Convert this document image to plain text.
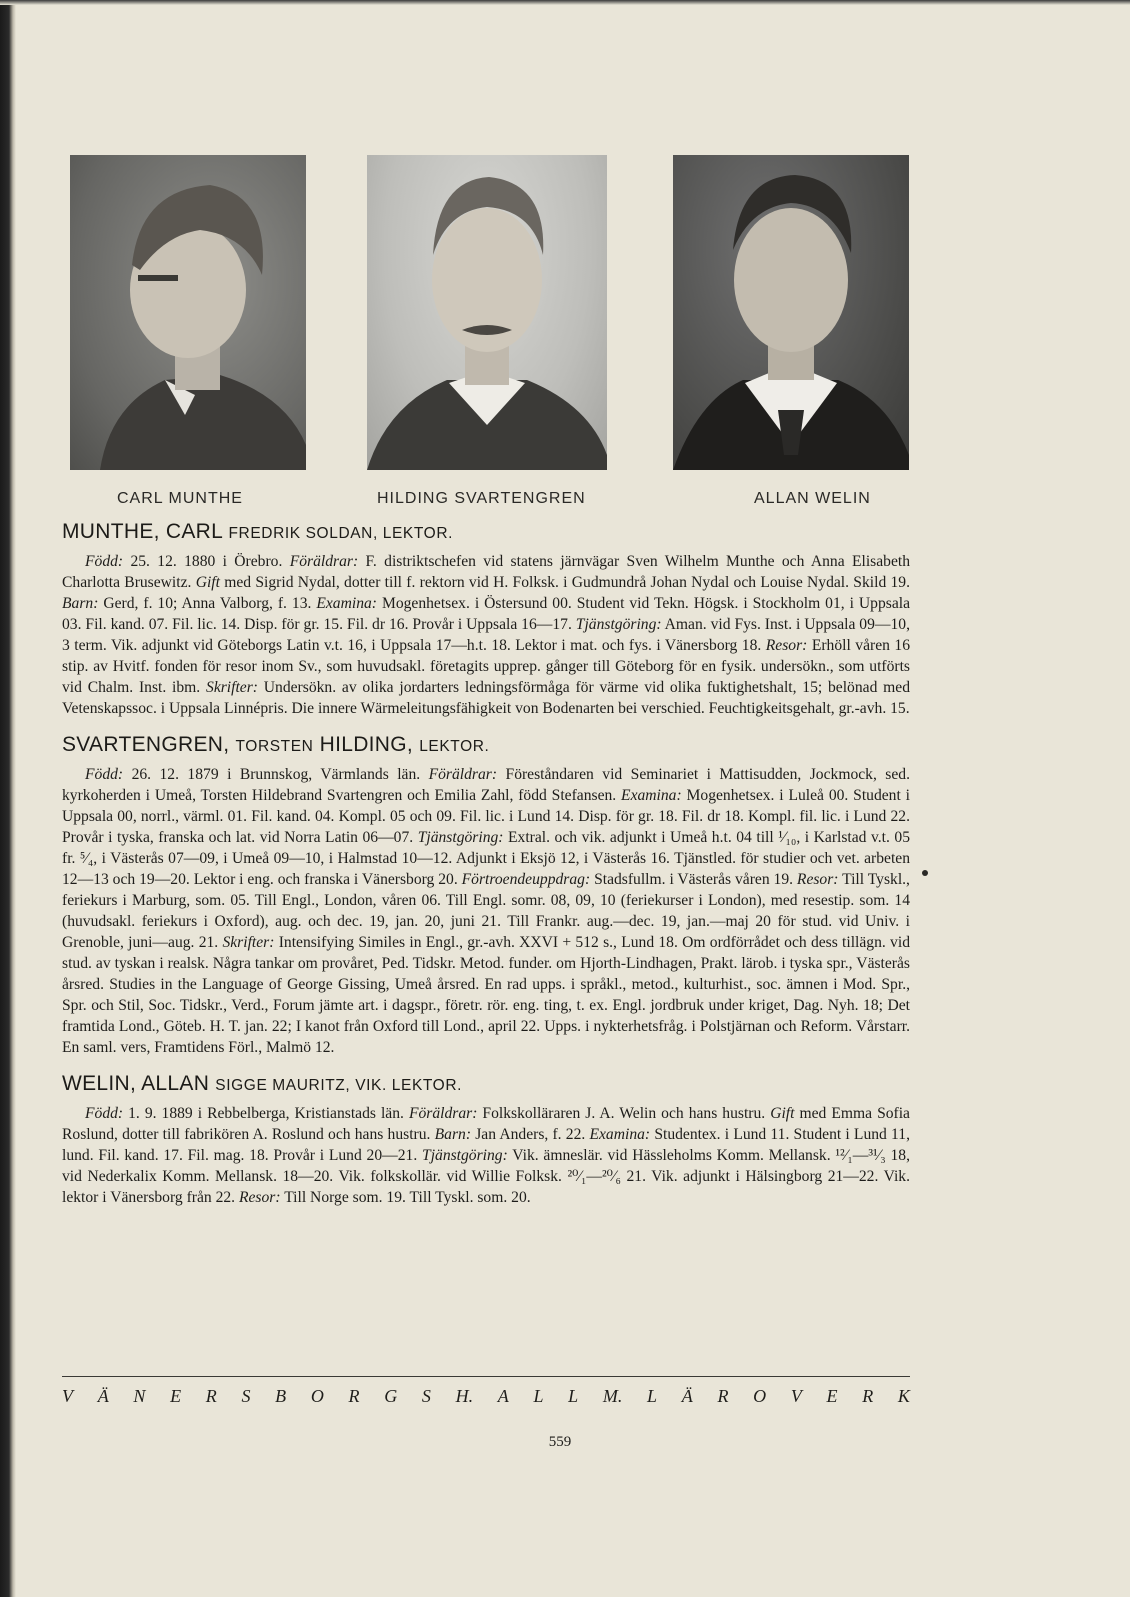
CARL MUNTHE	HILDING SVARTENGREN	ALLAN WELIN
MUNTHE, CARL FREDRIK SOLDAN, LEKTOR.

Född: 25. 12. 1880 i Örebro. Föräldrar: F. distriktschefen vid statens järnvägar Sven Wilhelm Munthe och Anna Elisabeth Charlotta Brusewitz. Gift med Sigrid Nydal, dotter till f. rektorn vid H. Folksk. i Gudmundrå Johan Nydal och Louise Nydal. Skild 19. Barn: Gerd, f. 10; Anna Valborg, f. 13. Examina: Mogenhetsex. i Östersund 00. Student vid Tekn. Högsk. i Stockholm 01, i Uppsala 03. Fil. kand. 07. Fil. lic. 14. Disp. för gr. 15. Fil. dr 16. Provår i Uppsala 16—17. Tjänstgöring: Aman. vid Fys. Inst. i Uppsala 09—10, 3 term. Vik. adjunkt vid Göteborgs Latin v.t. 16, i Uppsala 17—h.t. 18. Lektor i mat. och fys. i Vänersborg 18. Resor: Erhöll våren 16 stip. av Hvitf. fonden för resor inom Sv., som huvudsakl. företagits upprep. gånger till Göteborg för en fysik. undersökn., som utförts vid Chalm. Inst. ibm. Skrifter: Undersökn. av olika jordarters ledningsförmåga för värme vid olika fuktighetshalt, 15; belönad med Vetenskapssoc. i Uppsala Linnépris. Die innere Wärmeleitungsfähigkeit von Bodenarten bei verschied. Feuchtigkeitsgehalt, gr.-avh. 15.

SVARTENGREN, TORSTEN HILDING, LEKTOR.

Född: 26. 12. 1879 i Brunnskog, Värmlands län. Föräldrar: Föreståndaren vid Seminariet i Mattisudden, Jockmock, sed. kyrkoherden i Umeå, Torsten Hildebrand Svartengren och Emilia Zahl, född Stefansen. Examina: Mogenhetsex. i Luleå 00. Student i Uppsala 00, norrl., värml. 01. Fil. kand. 04. Kompl. 05 och 09. Fil. lic. i Lund 14. Disp. för gr. 18. Fil. dr 18. Kompl. fil. lic. i Lund 22. Provår i tyska, franska och lat. vid Norra Latin 06—07. Tjänstgöring: Extral. och vik. adjunkt i Umeå h.t. 04 till ¹⁄₁₀, i Karlstad v.t. 05 fr. ⁵⁄₄, i Västerås 07—09, i Umeå 09—10, i Halmstad 10—12. Adjunkt i Eksjö 12, i Västerås 16. Tjänstled. för studier och vet. arbeten 12—13 och 19—20. Lektor i eng. och franska i Vänersborg 20. Förtroendeuppdrag: Stadsfullm. i Västerås våren 19. Resor: Till Tyskl., feriekurs i Marburg, som. 05. Till Engl., London, våren 06. Till Engl. somr. 08, 09, 10 (feriekurser i London), med resestip. som. 14 (huvudsakl. feriekurs i Oxford), aug. och dec. 19, jan. 20, juni 21. Till Frankr. aug.—dec. 19, jan.—maj 20 för stud. vid Univ. i Grenoble, juni—aug. 21. Skrifter: Intensifying Similes in Engl., gr.-avh. XXVI + 512 s., Lund 18. Om ordförrådet och dess tillägn. vid stud. av tyskan i realsk. Några tankar om provåret, Ped. Tidskr. Metod. funder. om Hjorth-Lindhagen, Prakt. lärob. i tyska spr., Västerås årsred. Studies in the Language of George Gissing, Umeå årsred. En rad upps. i språkl., metod., kulturhist., soc. ämnen i Mod. Spr., Spr. och Stil, Soc. Tidskr., Verd., Forum jämte art. i dagspr., företr. rör. eng. ting, t. ex. Engl. jordbruk under kriget, Dag. Nyh. 18; Det framtida Lond., Göteb. H. T. jan. 22; I kanot från Oxford till Lond., april 22. Upps. i nykterhetsfråg. i Polstjärnan och Reform. Vårstarr. En saml. vers, Framtidens Förl., Malmö 12.

WELIN, ALLAN SIGGE MAURITZ, VIK. LEKTOR.

Född: 1. 9. 1889 i Rebbelberga, Kristianstads län. Föräldrar: Folkskolläraren J. A. Welin och hans hustru. Gift med Emma Sofia Roslund, dotter till fabrikören A. Roslund och hans hustru. Barn: Jan Anders, f. 22. Examina: Studentex. i Lund 11. Student i Lund 11, lund. Fil. kand. 17. Fil. mag. 18. Provår i Lund 20—21. Tjänstgöring: Vik. ämneslär. vid Hässleholms Komm. Mellansk. ¹²⁄₁—³¹⁄₃ 18, vid Nederkalix Komm. Mellansk. 18—20. Vik. folkskollär. vid Willie Folksk. ²⁰⁄₁—²⁰⁄₆ 21. Vik. adjunkt i Hälsingborg 21—22. Vik. lektor i Vänersborg från 22. Resor: Till Norge som. 19. Till Tyskl. som. 20.

V Ä N E R S B O R G S H. A L L M. L Ä R O V E R K
559
